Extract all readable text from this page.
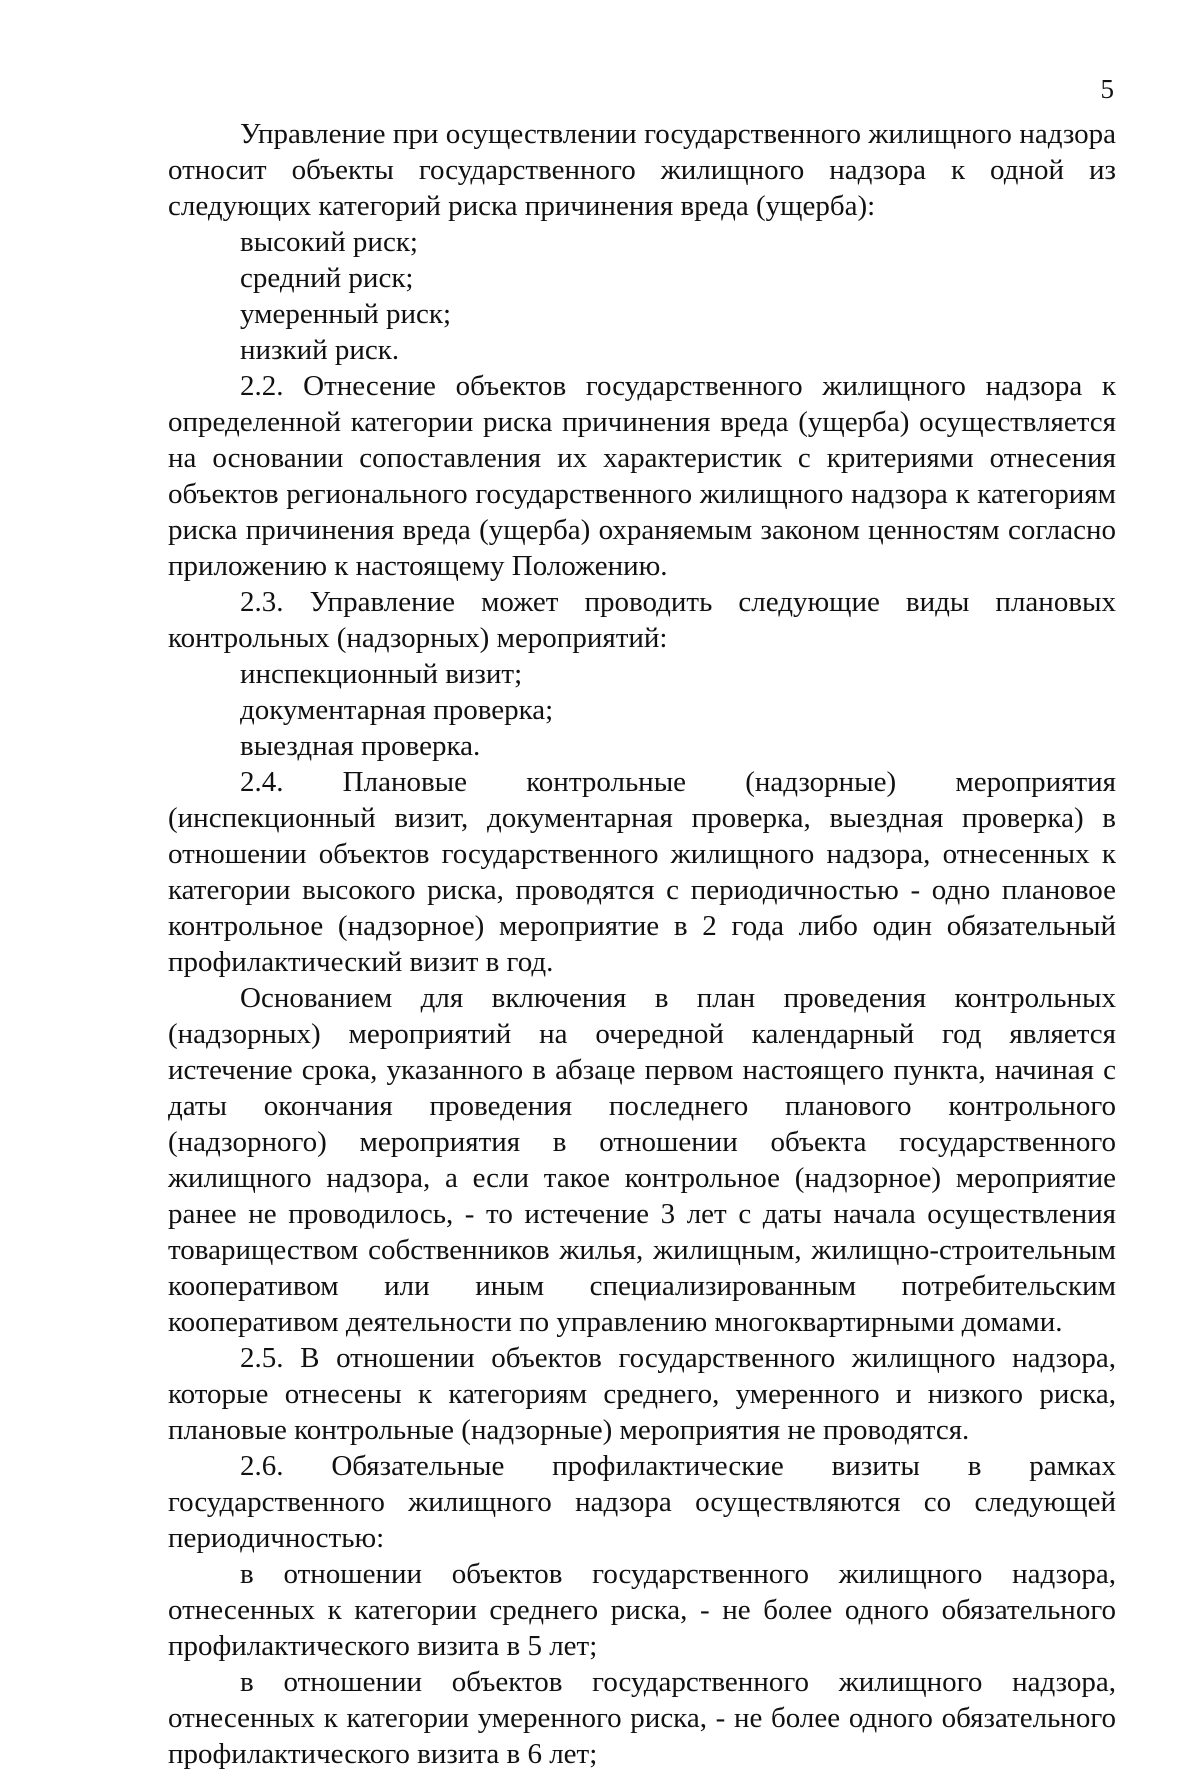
5

Управление при осуществлении государственного жилищного надзора относит объекты государственного жилищного надзора к одной из следующих категорий риска причинения вреда (ущерба):

высокий риск;

средний риск;

умеренный риск;

низкий риск.

2.2. Отнесение объектов государственного жилищного надзора к определенной категории риска причинения вреда (ущерба) осуществляется на основании сопоставления их характеристик с критериями отнесения объектов регионального государственного жилищного надзора к категориям риска причинения вреда (ущерба) охраняемым законом ценностям согласно приложению к настоящему Положению.

2.3. Управление может проводить следующие виды плановых контрольных (надзорных) мероприятий:

инспекционный визит;

документарная проверка;

выездная проверка.

2.4. Плановые контрольные (надзорные) мероприятия (инспекционный визит, документарная проверка, выездная проверка) в отношении объектов государственного жилищного надзора, отнесенных к категории высокого риска, проводятся с периодичностью - одно плановое контрольное (надзорное) мероприятие в 2 года либо один обязательный профилактический визит в год.

Основанием для включения в план проведения контрольных (надзорных) мероприятий на очередной календарный год является истечение срока, указанного в абзаце первом настоящего пункта, начиная с даты окончания проведения последнего планового контрольного (надзорного) мероприятия в отношении объекта государственного жилищного надзора, а если такое контрольное (надзорное) мероприятие ранее не проводилось, - то истечение 3 лет с даты начала осуществления товариществом собственников жилья, жилищным, жилищно-строительным кооперативом или иным специализированным потребительским кооперативом деятельности по управлению многоквартирными домами.

2.5. В отношении объектов государственного жилищного надзора, которые отнесены к категориям среднего, умеренного и низкого риска, плановые контрольные (надзорные) мероприятия не проводятся.

2.6. Обязательные профилактические визиты в рамках государственного жилищного надзора осуществляются со следующей периодичностью:

в отношении объектов государственного жилищного надзора, отнесенных к категории среднего риска, - не более одного обязательного профилактического визита в 5 лет;

в отношении объектов государственного жилищного надзора, отнесенных к категории умеренного риска, - не более одного обязательного профилактического визита в 6 лет;
